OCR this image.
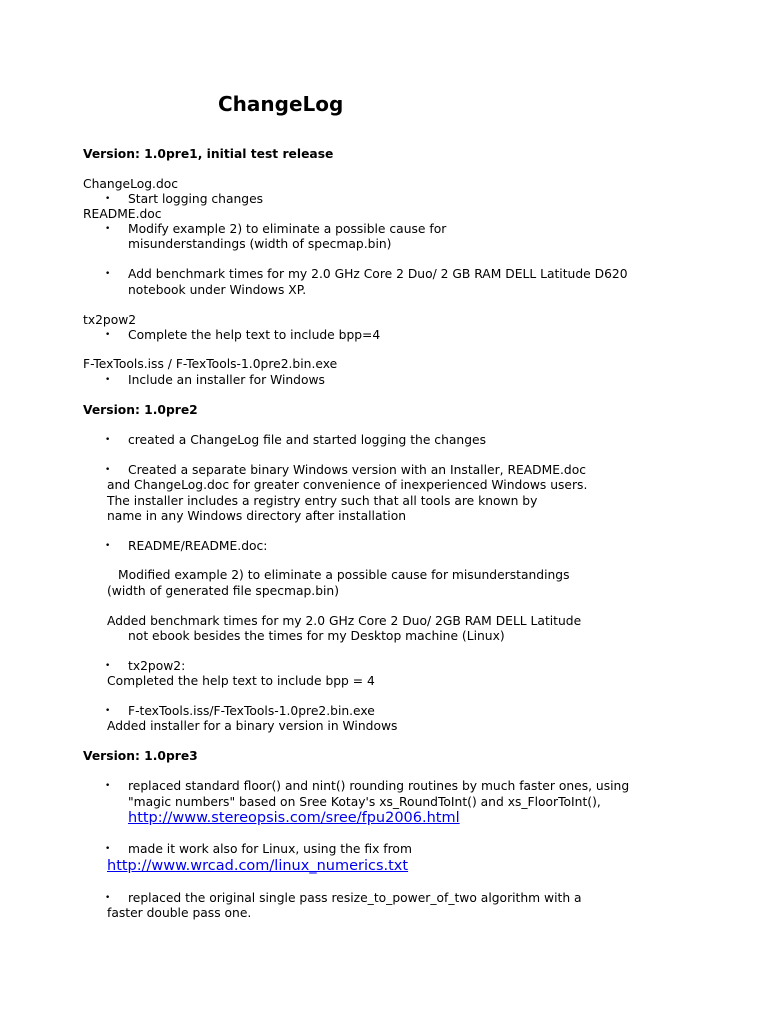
ChangeLog
Version: 1.0pre1, initial test release
ChangeLog.doc
• Start logging changes
README.doc
• Modify example 2) to eliminate a possible cause for
misunderstandings (width of specmap.bin)
• Add benchmark times for my 2.0 GHz Core 2 Duo/ 2 GB RAM DELL Latitude D620
notebook under Windows XP.
tx2pow2
• Complete the help text to include bpp=4
F-TexTools.iss / F-TexTools-1.0pre2.bin.exe
• Include an installer for Windows
Version: 1.0pre2
• created a ChangeLog file and started logging the changes
• Created a separate binary Windows version with an Installer, README.doc
and ChangeLog.doc for greater convenience of inexperienced Windows users.
The installer includes a registry entry such that all tools are known by
name in any Windows directory after installation
• README/README.doc:
Modified example 2) to eliminate a possible cause for misunderstandings
(width of generated file specmap.bin)
Added benchmark times for my 2.0 GHz Core 2 Duo/ 2GB RAM DELL Latitude
not ebook besides the times for my Desktop machine (Linux)
• tx2pow2:
Completed the help text to include bpp = 4
• F-texTools.iss/F-TexTools-1.0pre2.bin.exe
Added installer for a binary version in Windows
Version: 1.0pre3
• replaced standard floor() and nint() rounding routines by much faster ones, using
"magic numbers" based on Sree Kotay's xs_RoundToInt() and xs_FloorToInt(),
http://www.stereopsis.com/sree/fpu2006.html
• made it work also for Linux, using the fix from
http://www.wrcad.com/linux_numerics.txt
• replaced the original single pass resize_to_power_of_two algorithm with a
faster double pass one.
